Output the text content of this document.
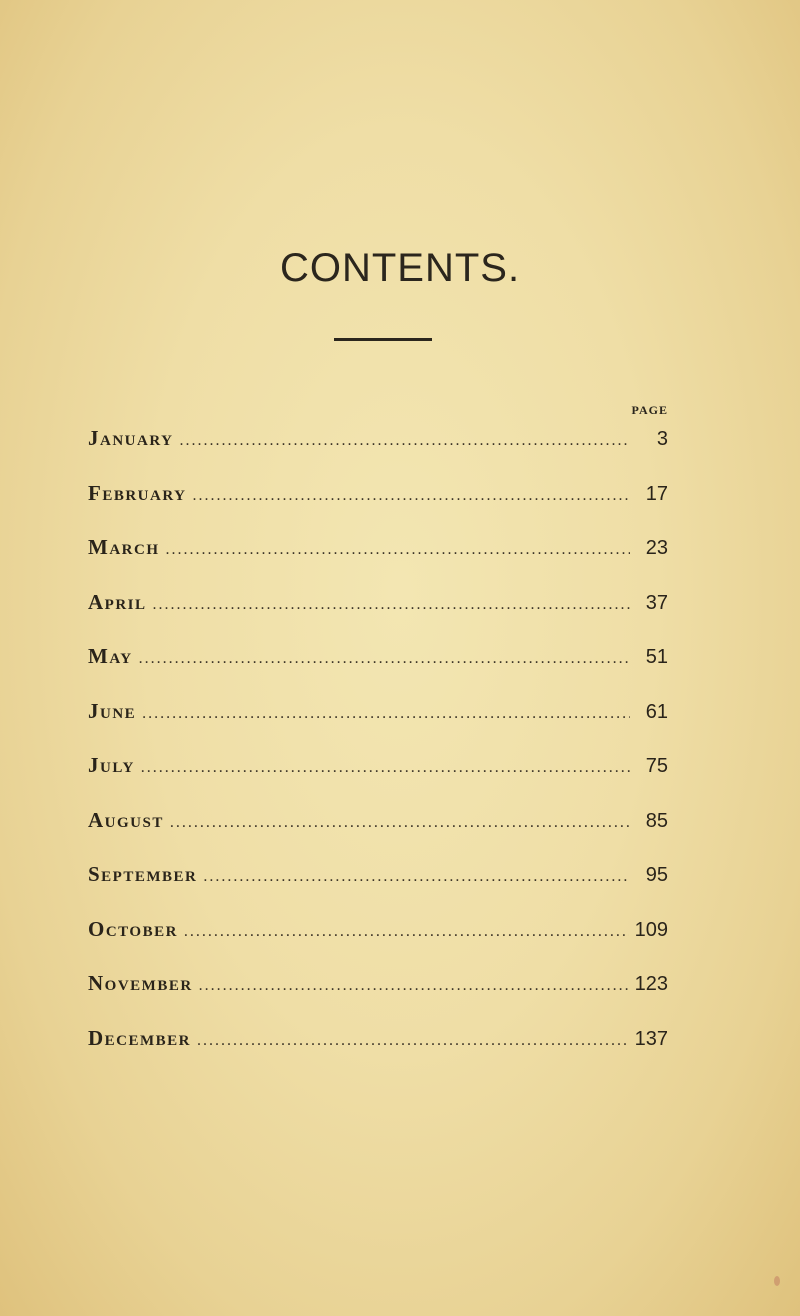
CONTENTS.
PAGE
January .....	3
February .....	17
March .....	23
April .....	37
May .....	51
June .....	61
July .....	75
August .....	85
September .....	95
October .....	109
November .....	123
December .....	137
